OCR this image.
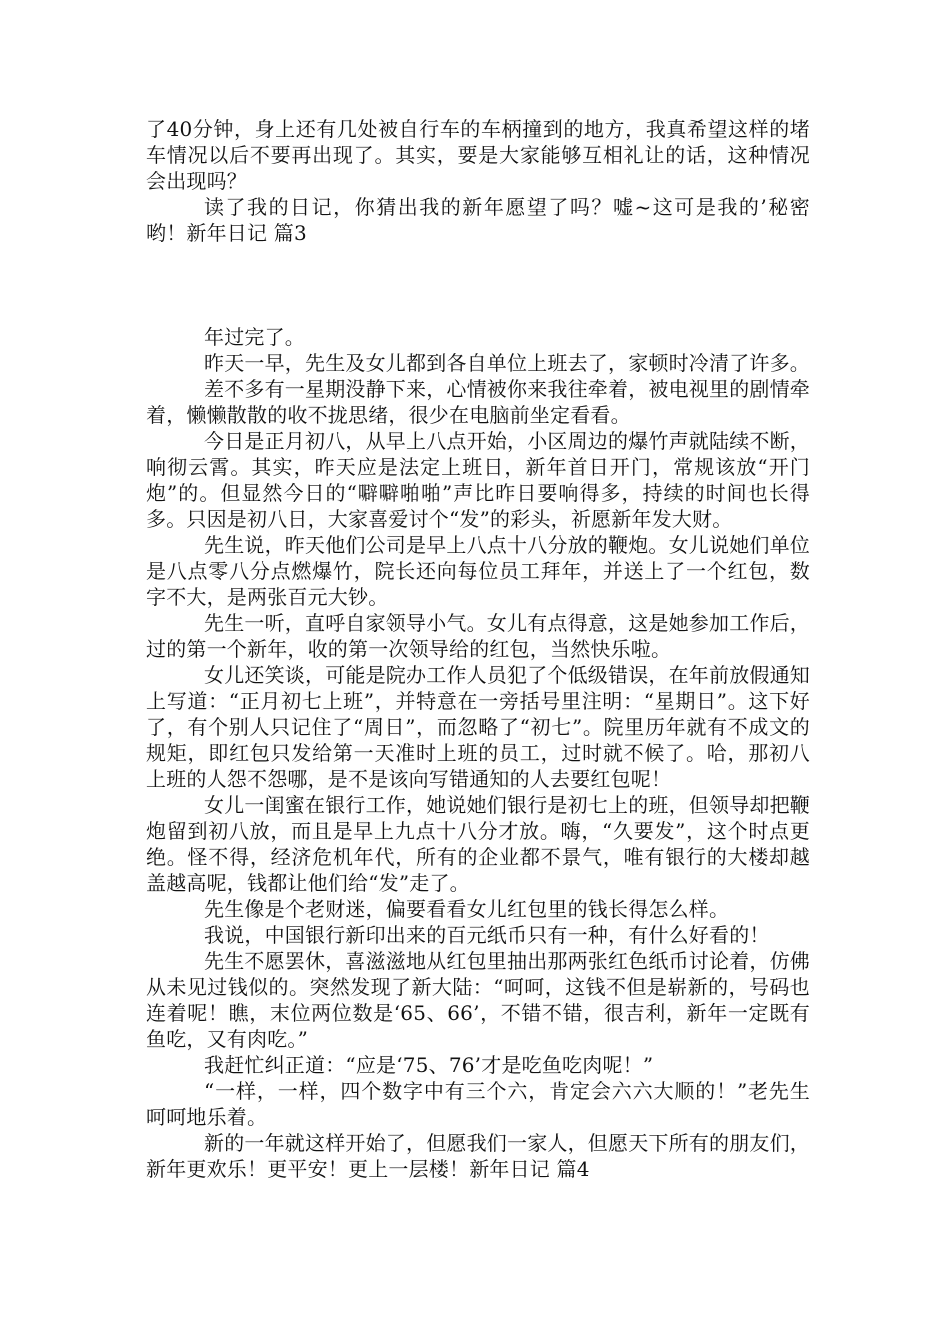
了40分钟，身上还有几处被自行车的车柄撞到的地方，我真希望这样的堵车情况以后不要再出现了。其实，要是大家能够互相礼让的话，这种情况会出现吗？

读了我的日记，你猜出我的新年愿望了吗？嘘~这可是我的’秘密哟！新年日记 篇3

年过完了。

昨天一早，先生及女儿都到各自单位上班去了，家顿时冷清了许多。

差不多有一星期没静下来，心情被你来我往牵着，被电视里的剧情牵着，懒懒散散的收不拢思绪，很少在电脑前坐定看看。

今日是正月初八，从早上八点开始，小区周边的爆竹声就陆续不断，响彻云霄。其实，昨天应是法定上班日，新年首日开门，常规该放“开门炮”的。但显然今日的“噼噼啪啪”声比昨日要响得多，持续的时间也长得多。只因是初八日，大家喜爱讨个“发”的彩头，祈愿新年发大财。

先生说，昨天他们公司是早上八点十八分放的鞭炮。女儿说她们单位是八点零八分点燃爆竹，院长还向每位员工拜年，并送上了一个红包，数字不大，是两张百元大钞。

先生一听，直呼自家领导小气。女儿有点得意，这是她参加工作后，过的第一个新年，收的第一次领导给的红包，当然快乐啦。

女儿还笑谈，可能是院办工作人员犯了个低级错误，在年前放假通知上写道：“正月初七上班”，并特意在一旁括号里注明：“星期日”。这下好了，有个别人只记住了“周日”，而忽略了“初七”。院里历年就有不成文的规矩，即红包只发给第一天准时上班的员工，过时就不候了。哈，那初八上班的人怨不怨哪，是不是该向写错通知的人去要红包呢！

女儿一闺蜜在银行工作，她说她们银行是初七上的班，但领导却把鞭炮留到初八放，而且是早上九点十八分才放。嗨，“久要发”，这个时点更绝。怪不得，经济危机年代，所有的企业都不景气，唯有银行的大楼却越盖越高呢，钱都让他们给“发”走了。

先生像是个老财迷，偏要看看女儿红包里的钱长得怎么样。

我说，中国银行新印出来的百元纸币只有一种，有什么好看的！

先生不愿罢休，喜滋滋地从红包里抽出那两张红色纸币讨论着，仿佛从未见过钱似的。突然发现了新大陆：“呵呵，这钱不但是崭新的，号码也连着呢！瞧，末位两位数是‘65、66’，不错不错，很吉利，新年一定既有鱼吃，又有肉吃。”

我赶忙纠正道：“应是‘75、76’才是吃鱼吃肉呢！”

“一样，一样，四个数字中有三个六，肯定会六六大顺的！”老先生呵呵地乐着。

新的一年就这样开始了，但愿我们一家人，但愿天下所有的朋友们，新年更欢乐！更平安！更上一层楼！新年日记 篇4
